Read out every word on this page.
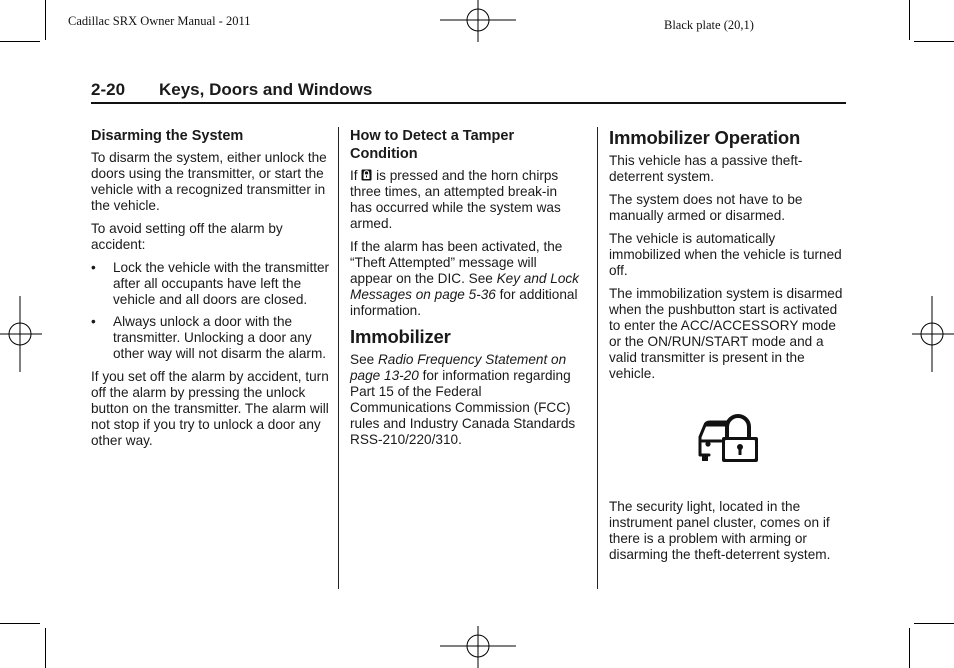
Cadillac SRX Owner Manual - 2011	Black plate (20,1)
2-20 Keys, Doors and Windows
Disarming the System

To disarm the system, either unlock the doors using the transmitter, or start the vehicle with a recognized transmitter in the vehicle.

To avoid setting off the alarm by accident:

• Lock the vehicle with the transmitter after all occupants have left the vehicle and all doors are closed.
• Always unlock a door with the transmitter. Unlocking a door any other way will not disarm the alarm.

If you set off the alarm by accident, turn off the alarm by pressing the unlock button on the transmitter. The alarm will not stop if you try to unlock a door any other way.

How to Detect a Tamper Condition

If is pressed and the horn chirps three times, an attempted break-in has occurred while the system was armed.

If the alarm has been activated, the “Theft Attempted” message will appear on the DIC. See Key and Lock Messages on page 5-36 for additional information.

Immobilizer

See Radio Frequency Statement on page 13-20 for information regarding Part 15 of the Federal Communications Commission (FCC) rules and Industry Canada Standards RSS-210/220/310.

Immobilizer Operation

This vehicle has a passive theft-deterrent system.

The system does not have to be manually armed or disarmed.

The vehicle is automatically immobilized when the vehicle is turned off.

The immobilization system is disarmed when the pushbutton start is activated to enter the ACC/ACCESSORY mode or the ON/RUN/START mode and a valid transmitter is present in the vehicle.

The security light, located in the instrument panel cluster, comes on if there is a problem with arming or disarming the theft-deterrent system.
